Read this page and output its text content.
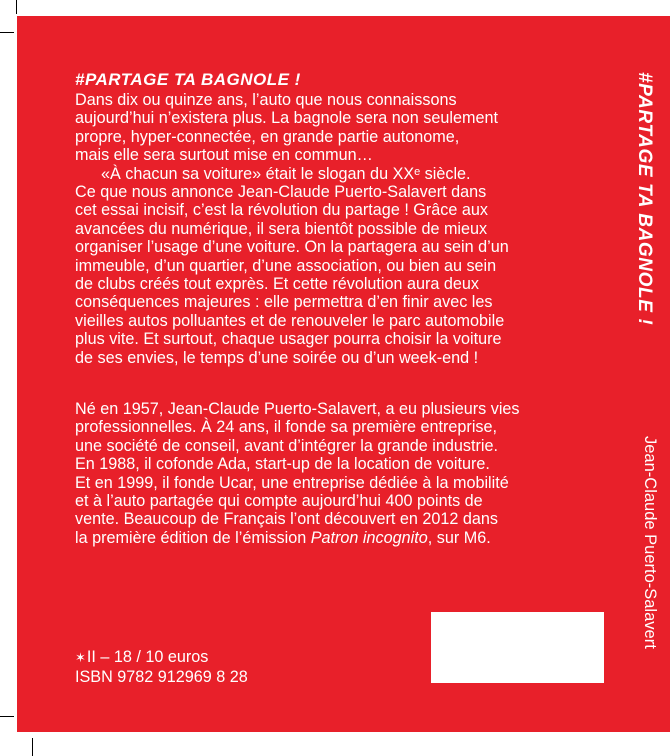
#PARTAGE TA BAGNOLE !
Dans dix ou quinze ans, l’auto que nous connaissons
aujourd’hui n’existera plus. La bagnole sera non seulement
propre, hyper-connectée, en grande partie autonome,
mais elle sera surtout mise en commun…
«À chacun sa voiture» était le slogan du XXᵉ siècle.
Ce que nous annonce Jean-Claude Puerto-Salavert dans
cet essai incisif, c’est la révolution du partage ! Grâce aux
avancées du numérique, il sera bientôt possible de mieux
organiser l’usage d’une voiture. On la partagera au sein d’un
immeuble, d’un quartier, d’une association, ou bien au sein
de clubs créés tout exprès. Et cette révolution aura deux
conséquences majeures : elle permettra d’en finir avec les
vieilles autos polluantes et de renouveler le parc automobile
plus vite. Et surtout, chaque usager pourra choisir la voiture
de ses envies, le temps d’une soirée ou d’un week-end !
Né en 1957, Jean-Claude Puerto-Salavert, a eu plusieurs vies
professionnelles. À 24 ans, il fonde sa première entreprise,
une société de conseil, avant d’intégrer la grande industrie.
En 1988, il cofonde Ada, start-up de la location de voiture.
Et en 1999, il fonde Ucar, une entreprise dédiée à la mobilité
et à l’auto partagée qui compte aujourd’hui 400 points de
vente. Beaucoup de Français l’ont découvert en 2012 dans
la première édition de l’émission Patron incognito, sur M6.
✶II – 18 / 10 euros
ISBN 9782 912969 8 28
#PARTAGE TA BAGNOLE !
Jean-Claude Puerto-Salavert
